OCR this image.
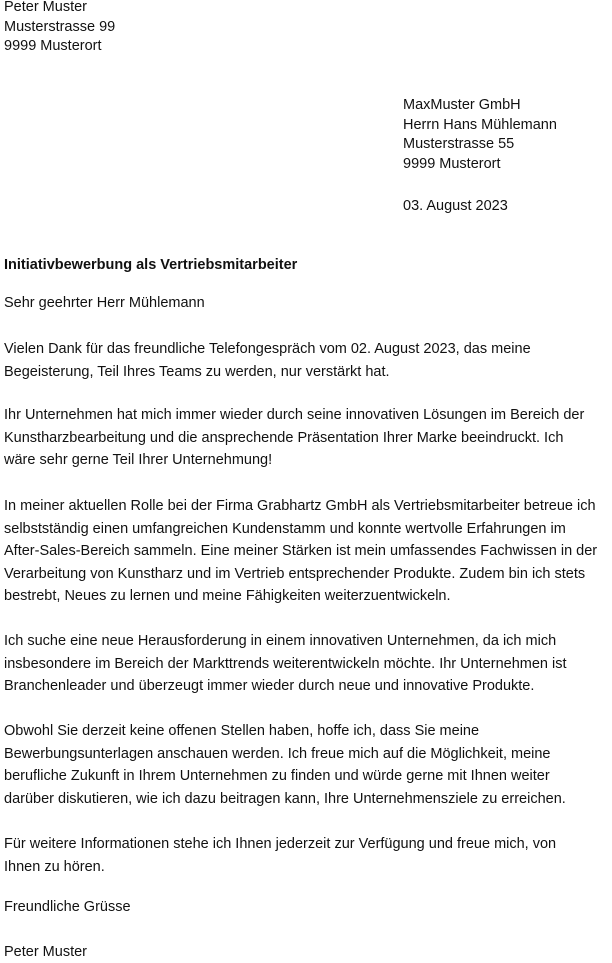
Peter Muster
Musterstrasse 99
9999 Musterort
MaxMuster GmbH
Herrn Hans Mühlemann
Musterstrasse 55
9999 Musterort
03. August 2023
Initiativbewerbung als Vertriebsmitarbeiter
Sehr geehrter Herr Mühlemann
Vielen Dank für das freundliche Telefongespräch vom 02. August 2023, das meine
Begeisterung, Teil Ihres Teams zu werden, nur verstärkt hat.
Ihr Unternehmen hat mich immer wieder durch seine innovativen Lösungen im Bereich der
Kunstharzbearbeitung und die ansprechende Präsentation Ihrer Marke beeindruckt. Ich
wäre sehr gerne Teil Ihrer Unternehmung!
In meiner aktuellen Rolle bei der Firma Grabhartz GmbH als Vertriebsmitarbeiter betreue ich
selbstständig einen umfangreichen Kundenstamm und konnte wertvolle Erfahrungen im
After-Sales-Bereich sammeln. Eine meiner Stärken ist mein umfassendes Fachwissen in der
Verarbeitung von Kunstharz und im Vertrieb entsprechender Produkte. Zudem bin ich stets
bestrebt, Neues zu lernen und meine Fähigkeiten weiterzuentwickeln.
Ich suche eine neue Herausforderung in einem innovativen Unternehmen, da ich mich
insbesondere im Bereich der Markttrends weiterentwickeln möchte. Ihr Unternehmen ist
Branchenleader und überzeugt immer wieder durch neue und innovative Produkte.
Obwohl Sie derzeit keine offenen Stellen haben, hoffe ich, dass Sie meine
Bewerbungsunterlagen anschauen werden. Ich freue mich auf die Möglichkeit, meine
berufliche Zukunft in Ihrem Unternehmen zu finden und würde gerne mit Ihnen weiter
darüber diskutieren, wie ich dazu beitragen kann, Ihre Unternehmensziele zu erreichen.
Für weitere Informationen stehe ich Ihnen jederzeit zur Verfügung und freue mich, von
Ihnen zu hören.
Freundliche Grüsse
Peter Muster
